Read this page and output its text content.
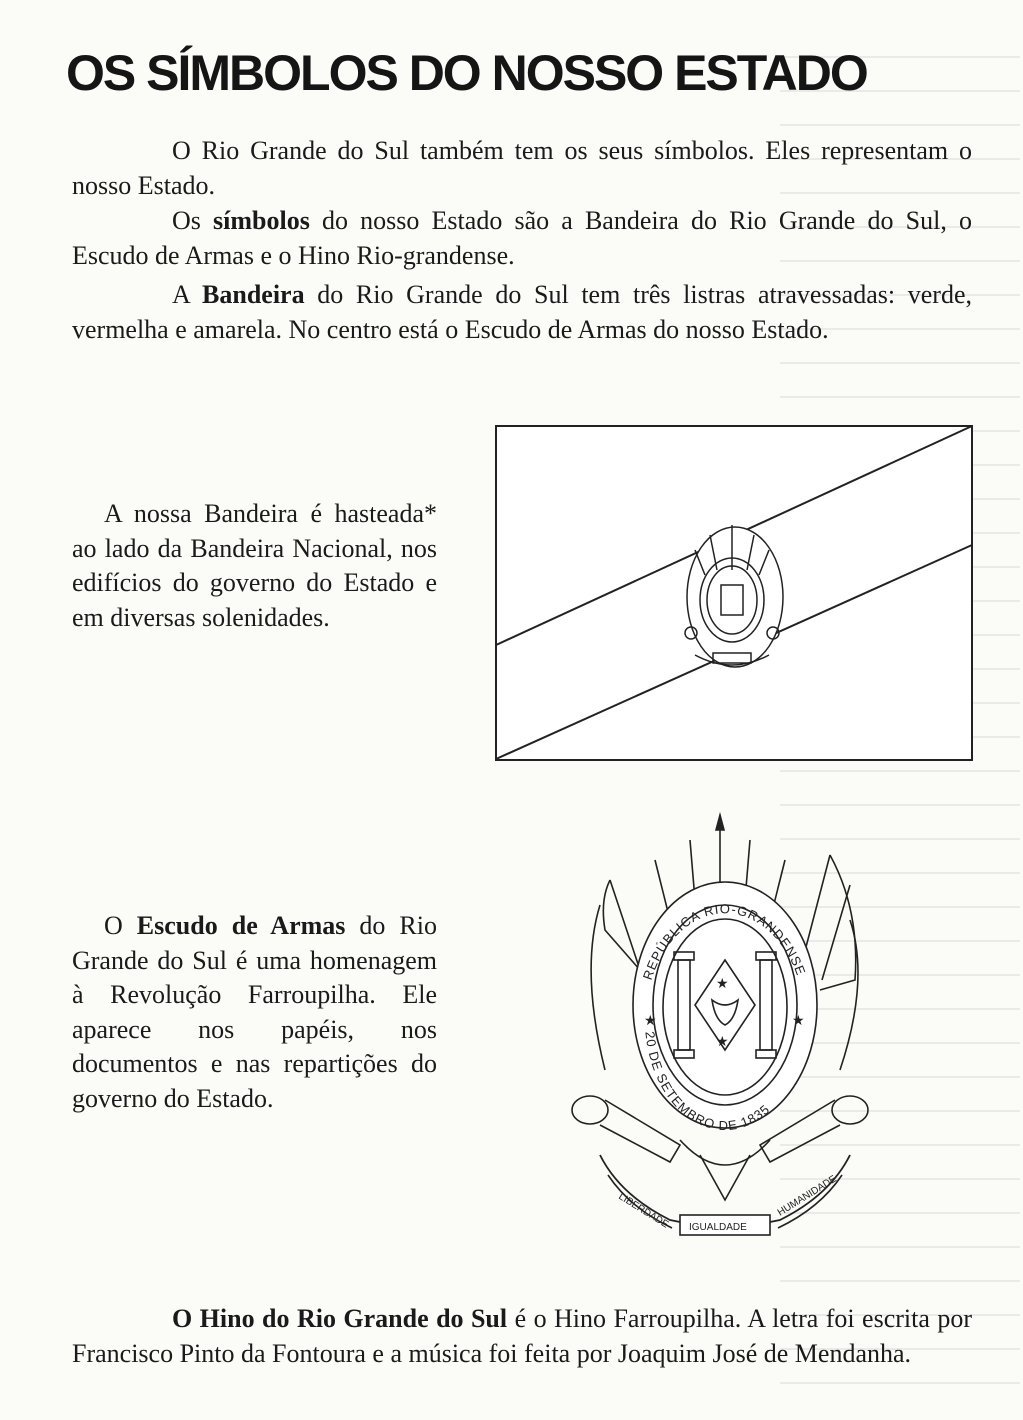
OS SÍMBOLOS DO NOSSO ESTADO

O Rio Grande do Sul também tem os seus símbolos. Eles representam o nosso Estado.

Os símbolos do nosso Estado são a Bandeira do Rio Grande do Sul, o Escudo de Armas e o Hino Rio-grandense.

A Bandeira do Rio Grande do Sul tem três listras atravessadas: verde, vermelha e amarela. No centro está o Escudo de Armas do nosso Estado.

A nossa Bandeira é hasteada* ao lado da Bandeira Nacional, nos edifícios do governo do Estado e em diversas solenidades.

O Escudo de Armas do Rio Grande do Sul é uma homenagem à Revolução Farroupilha. Ele aparece nos papéis, nos documentos e nas repartições do governo do Estado.

★
★
★	★
REPÚBLICA RIO-GRANDENSE
20 DE SETEMBRO DE 1835
LIBERDADE IGUALDADE
HUMANIDADE

O Hino do Rio Grande do Sul é o Hino Farroupilha. A letra foi escrita por Francisco Pinto da Fontoura e a música foi feita por Joaquim José de Mendanha.
